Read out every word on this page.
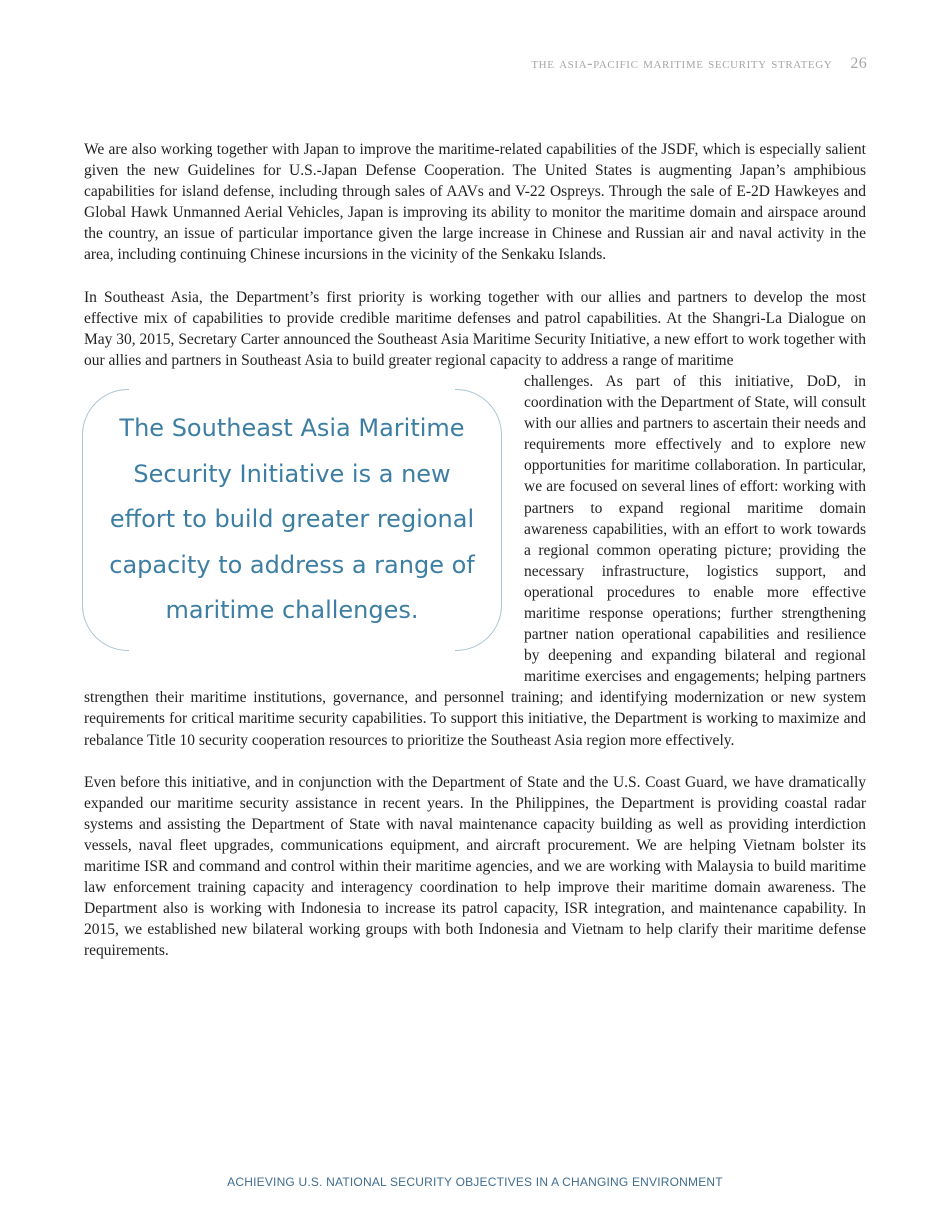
the asia-pacific maritime security strategy 26

We are also working together with Japan to improve the maritime-related capabilities of the JSDF, which is especially salient given the new Guidelines for U.S.-Japan Defense Cooperation. The United States is augmenting Japan’s amphibious capabilities for island defense, including through sales of AAVs and V-22 Ospreys. Through the sale of E-2D Hawkeyes and Global Hawk Unmanned Aerial Vehicles, Japan is improving its ability to monitor the maritime domain and airspace around the country, an issue of particular importance given the large increase in Chinese and Russian air and naval activity in the area, including continuing Chinese incursions in the vicinity of the Senkaku Islands.

In Southeast Asia, the Department’s first priority is working together with our allies and partners to develop the most effective mix of capabilities to provide credible maritime defenses and patrol capabilities. At the Shangri-La Dialogue on May 30, 2015, Secretary Carter announced the Southeast Asia Maritime Security Initiative, a new effort to work together with our allies and partners in Southeast Asia to build greater regional capacity to address a range of maritime

The Southeast Asia Maritime Security Initiative is a new effort to build greater regional capacity to address a range of maritime challenges.

challenges. As part of this initiative, DoD, in coordination with the Department of State, will consult with our allies and partners to ascertain their needs and requirements more effectively and to explore new opportunities for maritime collaboration. In particular, we are focused on several lines of effort: working with partners to expand regional maritime domain awareness capabilities, with an effort to work towards a regional common operating picture; providing the necessary infrastructure, logistics support, and operational procedures to enable more effective maritime response operations; further strengthening partner nation operational capabilities and resilience by deepening and expanding bilateral and regional maritime exercises and engagements; helping partners strengthen their maritime institutions, governance, and personnel training; and identifying modernization or new system requirements for critical maritime security capabilities. To support this initiative, the Department is working to maximize and rebalance Title 10 security cooperation resources to prioritize the Southeast Asia region more effectively.

Even before this initiative, and in conjunction with the Department of State and the U.S. Coast Guard, we have dramatically expanded our maritime security assistance in recent years. In the Philippines, the Department is providing coastal radar systems and assisting the Department of State with naval maintenance capacity building as well as providing interdiction vessels, naval fleet upgrades, communications equipment, and aircraft procurement. We are helping Vietnam bolster its maritime ISR and command and control within their maritime agencies, and we are working with Malaysia to build maritime law enforcement training capacity and interagency coordination to help improve their maritime domain awareness. The Department also is working with Indonesia to increase its patrol capacity, ISR integration, and maintenance capability. In 2015, we established new bilateral working groups with both Indonesia and Vietnam to help clarify their maritime defense requirements.

ACHIEVING U.S. NATIONAL SECURITY OBJECTIVES IN A CHANGING ENVIRONMENT
